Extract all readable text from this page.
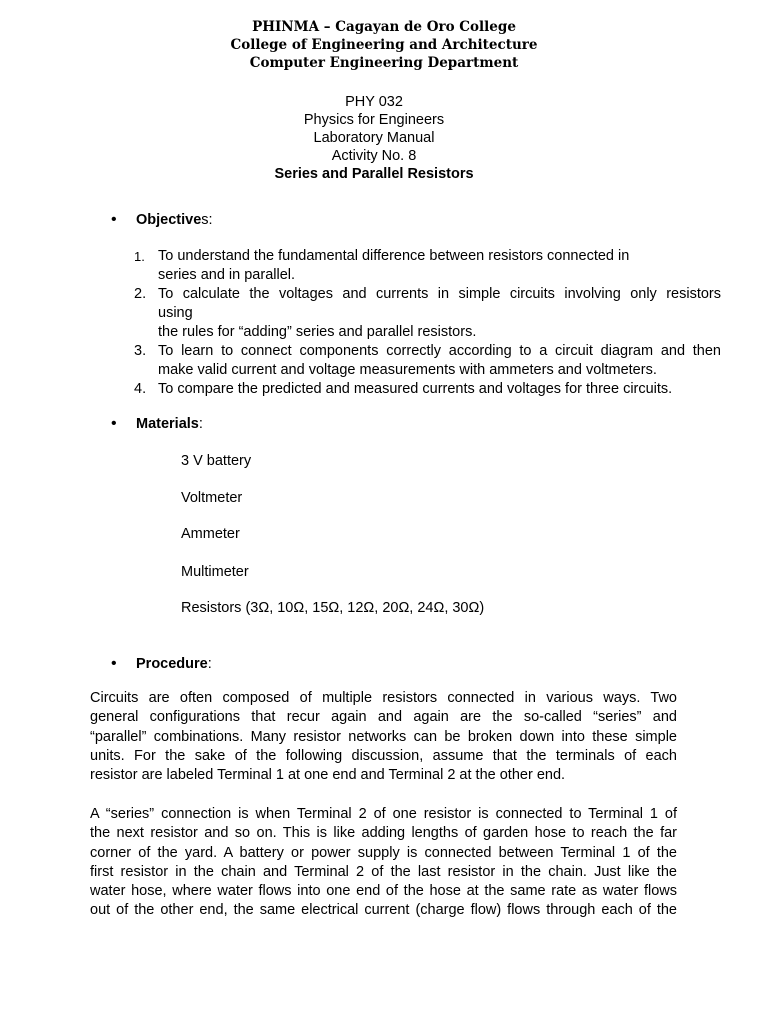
PHINMA – Cagayan de Oro College
College of Engineering and Architecture
Computer Engineering Department
PHY 032
Physics for Engineers
Laboratory Manual
Activity No. 8
Series and Parallel Resistors
• Objectives:
1. To understand the fundamental difference between resistors connected in
series and in parallel.
2. To calculate the voltages and currents in simple circuits involving only resistors
using
the rules for “adding” series and parallel resistors.
3. To learn to connect components correctly according to a circuit diagram and then
make valid current and voltage measurements with ammeters and voltmeters.
4. To compare the predicted and measured currents and voltages for three circuits.
• Materials:
3 V battery
Voltmeter
Ammeter
Multimeter
Resistors (3Ω, 10Ω, 15Ω, 12Ω, 20Ω, 24Ω, 30Ω)
• Procedure:
Circuits are often composed of multiple resistors connected in various ways. Two
general configurations that recur again and again are the so-called “series” and
“parallel” combinations. Many resistor networks can be broken down into these simple
units. For the sake of the following discussion, assume that the terminals of each
resistor are labeled Terminal 1 at one end and Terminal 2 at the other end.
A “series” connection is when Terminal 2 of one resistor is connected to Terminal 1 of
the next resistor and so on. This is like adding lengths of garden hose to reach the far
corner of the yard. A battery or power supply is connected between Terminal 1 of the
first resistor in the chain and Terminal 2 of the last resistor in the chain. Just like the
water hose, where water flows into one end of the hose at the same rate as water flows
out of the other end, the same electrical current (charge flow) flows through each of the
